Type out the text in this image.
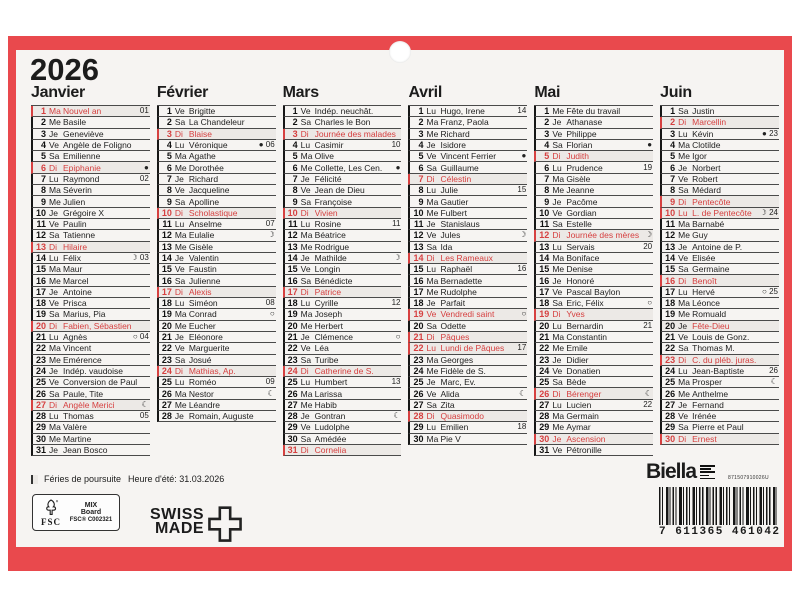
2026
Janvier
1 Ma Nouvel an	01
2 Me Basile
3 Je Geneviève
4 Ve Angèle de Foligno
5 Sa Emilienne
6 Di Epiphanie	●
7 Lu Raymond	02
8 Ma Séverin
9 Me Julien
10 Je Grégoire X
11 Ve Paulin
12 Sa Tatienne
13 Di Hilaire
14 Lu Félix	☽ 03
15 Ma Maur
16 Me Marcel
17 Je Antoine
18 Ve Prisca
19 Sa Marius, Pia
20 Di Fabien, Sébastien
21 Lu Agnès	○ 04
22 Ma Vincent
23 Me Emérence
24 Je Indép. vaudoise
25 Ve Conversion de Paul
26 Sa Paule, Tite
27 Di Angèle Merici	☾
28 Lu Thomas	05
29 Ma Valère
30 Me Martine
31 Je Jean Bosco
Février
1 Ve Brigitte
2 Sa La Chandeleur
3 Di Blaise
4 Lu Véronique	● 06
5 Ma Agathe
6 Me Dorothée
7 Je Richard
8 Ve Jacqueline
9 Sa Apolline
10 Di Scholastique
11 Lu Anselme	07
12 Ma Eulalie	☽
13 Me Gisèle
14 Je Valentin
15 Ve Faustin
16 Sa Julienne
17 Di Alexis
18 Lu Siméon	08
19 Ma Conrad	○
20 Me Eucher
21 Je Eléonore
22 Ve Marguerite
23 Sa Josué
24 Di Mathias, Ap.
25 Lu Roméo	09
26 Ma Nestor	☾
27 Me Léandre
28 Je Romain, Auguste
Mars
1 Ve Indép. neuchât.
2 Sa Charles le Bon
3 Di Journée des malades
4 Lu Casimir	10
5 Ma Olive
6 Me Collette, Les Cen.	●
7 Je Félicité
8 Ve Jean de Dieu
9 Sa Françoise
10 Di Vivien
11 Lu Rosine	11
12 Ma Béatrice
13 Me Rodrigue
14 Je Mathilde	☽
15 Ve Longin
16 Sa Bénédicte
17 Di Patrice
18 Lu Cyrille	12
19 Ma Joseph
20 Me Herbert
21 Je Clémence	○
22 Ve Léa
23 Sa Turibe
24 Di Catherine de S.
25 Lu Humbert	13
26 Ma Larissa
27 Me Habib
28 Je Gontran	☾
29 Ve Ludolphe
30 Sa Amédée
31 Di Cornelia
Avril
1 Lu Hugo, Irene	14
2 Ma Franz, Paola
3 Me Richard
4 Je Isidore
5 Ve Vincent Ferrier	●
6 Sa Guillaume
7 Di Célestin
8 Lu Julie	15
9 Ma Gautier
10 Me Fulbert
11 Je Stanislaus
12 Ve Jules	☽
13 Sa Ida
14 Di Les Rameaux
15 Lu Raphaël	16
16 Ma Bernadette
17 Me Rudolphe
18 Je Parfait
19 Ve Vendredi saint	○
20 Sa Odette
21 Di Pâques
22 Lu Lundi de Pâques	17
23 Ma Georges
24 Me Fidèle de S.
25 Je Marc, Ev.
26 Ve Alida	☾
27 Sa Zita
28 Di Quasimodo
29 Lu Emilien	18
30 Ma Pie V
Mai
1 Me Fête du travail
2 Je Athanase
3 Ve Philippe
4 Sa Florian	●
5 Di Judith
6 Lu Prudence	19
7 Ma Gisèle
8 Me Jeanne
9 Je Pacôme
10 Ve Gordian
11 Sa Estelle
12 Di Journée des mères ☽
13 Lu Servais	20
14 Ma Boniface
15 Me Denise
16 Je Honoré
17 Ve Pascal Baylon
18 Sa Eric, Félix	○
19 Di Yves
20 Lu Bernardin	21
21 Ma Constantin
22 Me Emile
23 Je Didier
24 Ve Donatien
25 Sa Bède
26 Di Bérenger	☾
27 Lu Lucien	22
28 Ma Germain
29 Me Aymar
30 Je Ascension
31 Ve Pétronille
Juin
1 Sa Justin
2 Di Marcellin
3 Lu Kévin	● 23
4 Ma Clotilde
5 Me Igor
6 Je Norbert
7 Ve Robert
8 Sa Médard
9 Di Pentecôte
10 Lu L. de Pentecôte ☽ 24
11 Ma Barnabé
12 Me Guy
13 Je Antoine de P.
14 Ve Elisée
15 Sa Germaine
16 Di Benoît
17 Lu Hervé	○ 25
18 Ma Léonce
19 Me Romuald
20 Je Fête-Dieu
21 Ve Louis de Gonz.
22 Sa Thomas M.
23 Di C. du pléb. juras.
24 Lu Jean-Baptiste	26
25 Ma Prosper	☾
26 Me Anthelme
27 Je Fernand
28 Ve Irénée
29 Sa Pierre et Paul
30 Di Ernest
Féries de poursuite Heure d'été: 31.03.2026
FSC
MIX
Board
FSC® C002321 SWISS
MADE
Biella	871507910026U
7 611365 461042
